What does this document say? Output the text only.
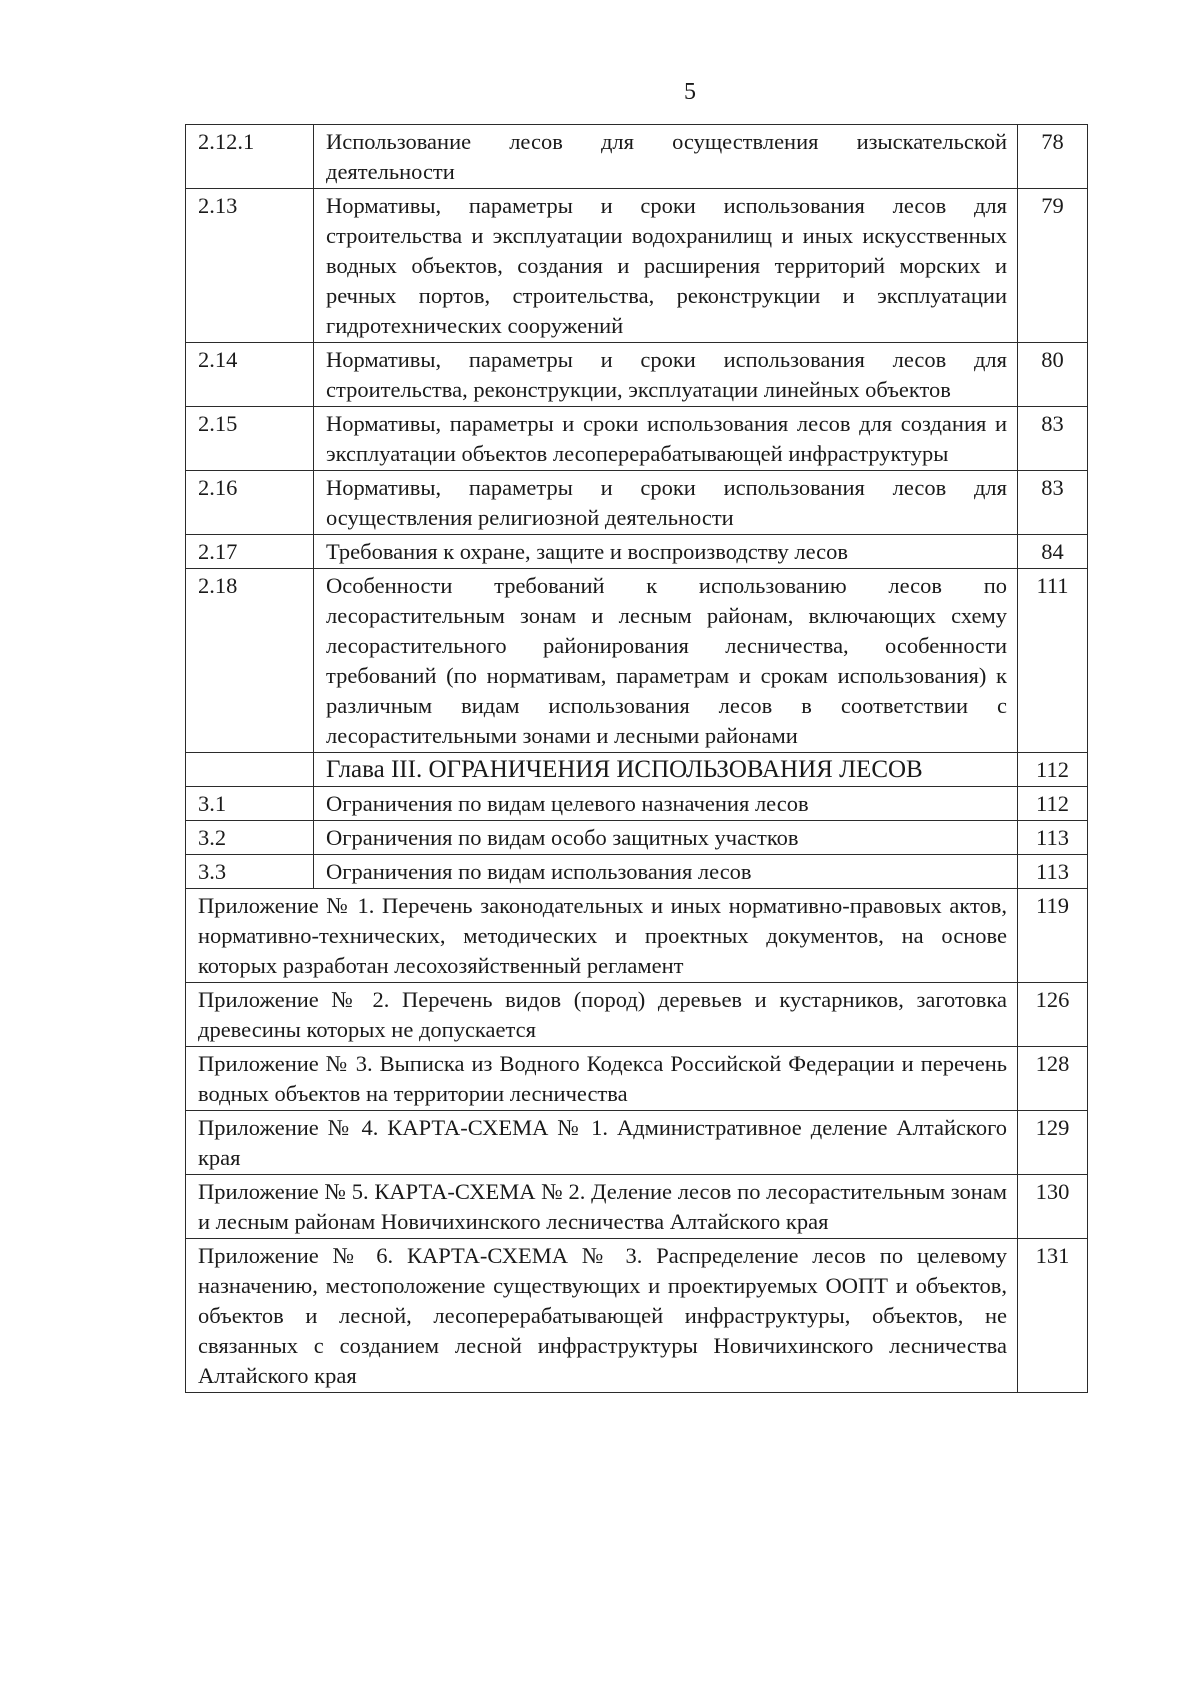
5
2.12.1	Использование лесов для осуществления изыскательской деятельности	78
2.13	Нормативы, параметры и сроки использования лесов для строительства и эксплуатации водохранилищ и иных искусственных водных объектов, создания и расширения территорий морских и речных портов, строительства, реконструкции и эксплуатации гидротехнических сооружений	79
2.14	Нормативы, параметры и сроки использования лесов для строительства, реконструкции, эксплуатации линейных объектов	80
2.15	Нормативы, параметры и сроки использования лесов для создания и эксплуатации объектов лесоперерабатывающей инфраструктуры	83
2.16	Нормативы, параметры и сроки использования лесов для осуществления религиозной деятельности	83
2.17	Требования к охране, защите и воспроизводству лесов	84
2.18	Особенности требований к использованию лесов по лесорастительным зонам и лесным районам, включающих схему лесорастительного районирования лесничества, особенности требований (по нормативам, параметрам и срокам использования) к различным видам использования лесов в соответствии с лесорастительными зонами и лесными районами	111
	Глава III. ОГРАНИЧЕНИЯ ИСПОЛЬЗОВАНИЯ ЛЕСОВ	112
3.1	Ограничения по видам целевого назначения лесов	112
3.2	Ограничения по видам особо защитных участков	113
3.3	Ограничения по видам использования лесов	113
Приложение № 1. Перечень законодательных и иных нормативно-правовых актов, нормативно-технических, методических и проектных документов, на основе которых разработан лесохозяйственный регламент		119
Приложение № 2. Перечень видов (пород) деревьев и кустарников, заготовка древесины которых не допускается		126
Приложение № 3. Выписка из Водного Кодекса Российской Федерации и перечень водных объектов на территории лесничества		128
Приложение № 4. КАРТА-СХЕМА № 1. Административное деление Алтайского края		129
Приложение № 5. КАРТА-СХЕМА № 2. Деление лесов по лесорастительным зонам и лесным районам Новичихинского лесничества Алтайского края		130
Приложение № 6. КАРТА-СХЕМА № 3. Распределение лесов по целевому назначению, местоположение существующих и проектируемых ООПТ и объектов, объектов и лесной, лесоперерабатывающей инфраструктуры, объектов, не связанных с созданием лесной инфраструктуры Новичихинского лесничества Алтайского края		131
